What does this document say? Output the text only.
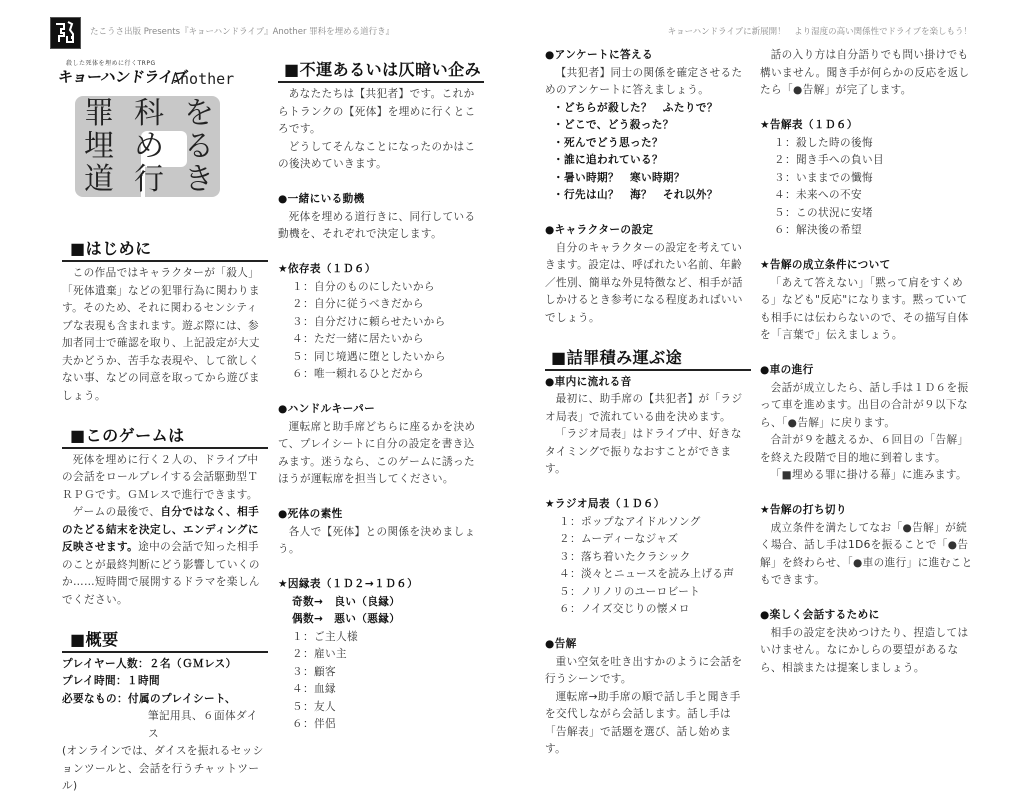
たこうさ出版 Presents『キョーハンドライブ』Another 罪科を埋める道行き』	キョーハンドライブに新展開！　より湿度の高い関係性でドライブを楽しもう！
殺した死体を埋めに行くTRPG
キョーハンドライブ
Another
罪 科 を
埋 め る
道 行 き
■はじめに
この作品ではキャラクターが「殺人」「死体遺棄」などの犯罪行為に関わります。そのため、それに関わるセンシティブな表現も含まれます。遊ぶ際には、参加者同士で確認を取り、上記設定が大丈夫かどうか、苦手な表現や、して欲しくない事、などの同意を取ってから遊びましょう。
■このゲームは
死体を埋めに行く２人の、ドライブ中の会話をロールプレイする会話駆動型ＴＲＰＧです。ＧＭレスで進行できます。
ゲームの最後で、自分ではなく、相手のたどる結末を決定し、エンディングに反映させます。途中の会話で知った相手のことが最終判断にどう影響していくのか……短時間で展開するドラマを楽しんでください。
■概要
プレイヤー人数：２名（ＧＭレス）
プレイ時間：１時間
必要なもの：付属のプレイシート、
筆記用具、６面体ダイス
(オンラインでは、ダイスを振れるセッションツールと、会話を行うチャットツール)
■不運あるいは仄暗い企み
あなたたちは【共犯者】です。これからトランクの【死体】を埋めに行くところです。
どうしてそんなことになったのかはこの後決めていきます。
●一緒にいる動機
死体を埋める道行きに、同行している動機を、それぞれで決定します。
★依存表（１Ｄ６）
１：自分のものにしたいから
２：自分に従うべきだから
３：自分だけに頼らせたいから
４：ただ一緒に居たいから
５：同じ境遇に堕としたいから
６：唯一頼れるひとだから
●ハンドルキーパー
運転席と助手席どちらに座るかを決めて、プレイシートに自分の設定を書き込みます。迷うなら、このゲームに誘ったほうが運転席を担当してください。
●死体の素性
各人で【死体】との関係を決めましょう。
★因縁表（１Ｄ２→１Ｄ６）
奇数→　良い（良縁）
偶数→　悪い（悪縁）
１：ご主人様
２：雇い主
３：顧客
４：血縁
５：友人
６：伴侶
●アンケートに答える
【共犯者】同士の関係を確定させるためのアンケートに答えましょう。
・どちらが殺した？　ふたりで？
・どこで、どう殺った？
・死んでどう思った？
・誰に追われている？
・暑い時期？　寒い時期？
・行先は山？　海？　それ以外？
●キャラクターの設定
自分のキャラクターの設定を考えていきます。設定は、呼ばれたい名前、年齢／性別、簡単な外見特徴など、相手が話しかけるとき参考になる程度あればいいでしょう。
■詰罪積み運ぶ途
●車内に流れる音
最初に、助手席の【共犯者】が「ラジオ局表」で流れている曲を決めます。
「ラジオ局表」はドライブ中、好きなタイミングで振りなおすことができます。
★ラジオ局表（１Ｄ６）
１：ポップなアイドルソング
２：ムーディーなジャズ
３：落ち着いたクラシック
４：淡々とニュースを読み上げる声
５：ノリノリのユーロビート
６：ノイズ交じりの懐メロ
●告解
重い空気を吐き出すかのように会話を行うシーンです。
運転席→助手席の順で話し手と聞き手を交代しながら会話します。話し手は「告解表」で話題を選び、話し始めます。
話の入り方は自分語りでも問い掛けでも構いません。聞き手が何らかの反応を返したら「●告解」が完了します。
★告解表（１Ｄ６）
１：殺した時の後悔
２：聞き手への負い目
３：いままでの懺悔
４：未来への不安
５：この状況に安堵
６：解決後の希望
★告解の成立条件について
「あえて答えない」「黙って肩をすくめる」なども"反応"になります。黙っていても相手には伝わらないので、その描写自体を「言葉で」伝えましょう。
●車の進行
会話が成立したら、話し手は１Ｄ６を振って車を進めます。出目の合計が９以下なら、「●告解」に戻ります。
合計が９を越えるか、６回目の「告解」を終えた段階で目的地に到着します。
「■埋める罪に掛ける幕」に進みます。
★告解の打ち切り
成立条件を満たしてなお「●告解」が続く場合、話し手は1D6を振ることで「●告解」を終わらせ、「●車の進行」に進むこともできます。
●楽しく会話するために
相手の設定を決めつけたり、捏造してはいけません。なにかしらの要望があるなら、相談または提案しましょう。
